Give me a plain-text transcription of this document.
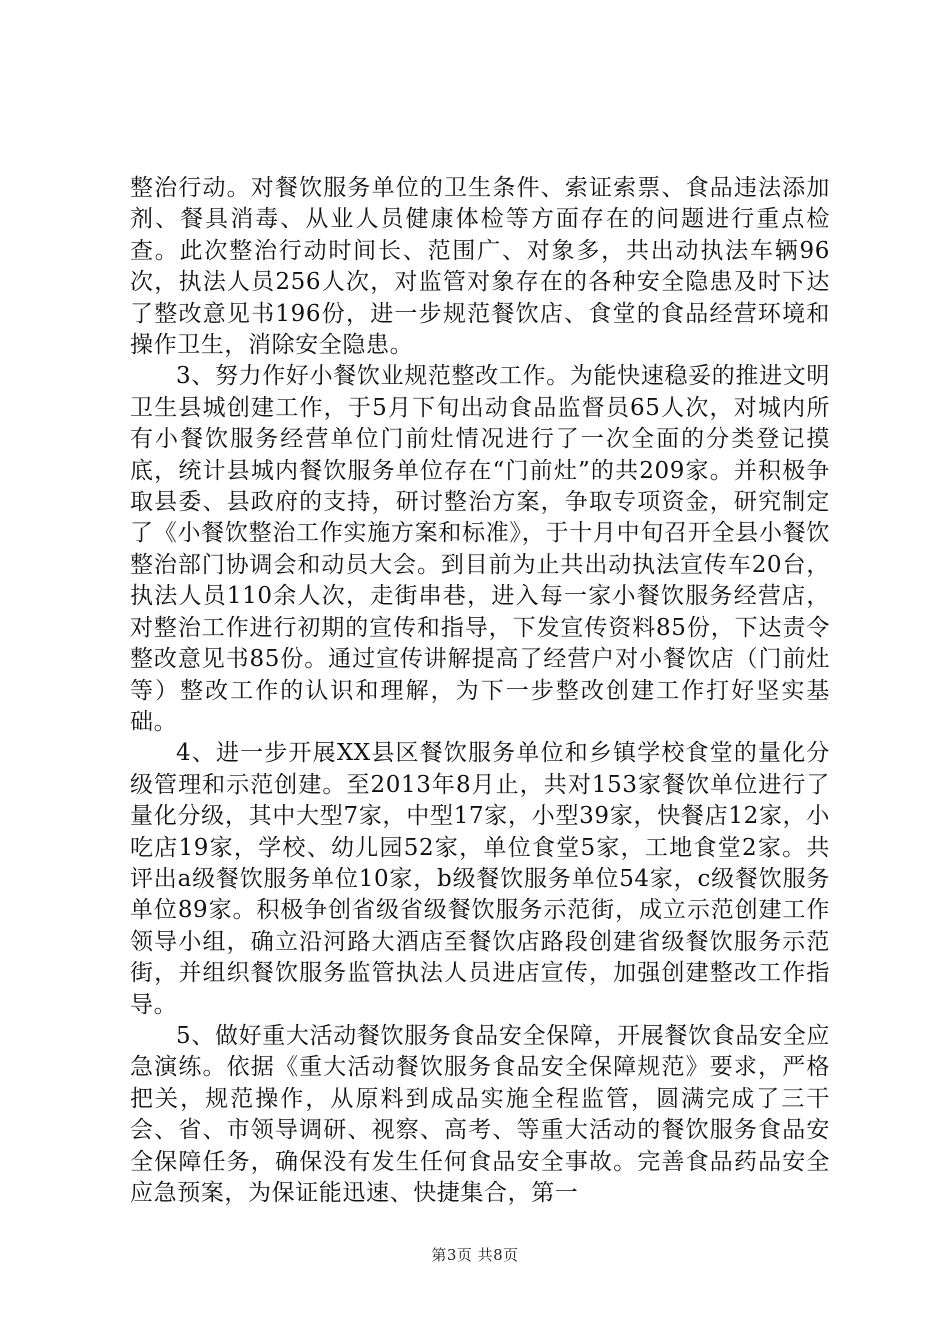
整治行动。对餐饮服务单位的卫生条件、索证索票、食品违法添加剂、餐具消毒、从业人员健康体检等方面存在的问题进行重点检查。此次整治行动时间长、范围广、对象多，共出动执法车辆96次，执法人员256人次，对监管对象存在的各种安全隐患及时下达了整改意见书196份，进一步规范餐饮店、食堂的食品经营环境和操作卫生，消除安全隐患。

3、努力作好小餐饮业规范整改工作。为能快速稳妥的推进文明卫生县城创建工作，于5月下旬出动食品监督员65人次，对城内所有小餐饮服务经营单位门前灶情况进行了一次全面的分类登记摸底，统计县城内餐饮服务单位存在“门前灶”的共209家。并积极争取县委、县政府的支持，研讨整治方案，争取专项资金，研究制定了《小餐饮整治工作实施方案和标准》，于十月中旬召开全县小餐饮整治部门协调会和动员大会。到目前为止共出动执法宣传车20台，执法人员110余人次，走街串巷，进入每一家小餐饮服务经营店，对整治工作进行初期的宣传和指导，下发宣传资料85份，下达责令整改意见书85份。通过宣传讲解提高了经营户对小餐饮店（门前灶等）整改工作的认识和理解，为下一步整改创建工作打好坚实基础。

4、进一步开展XX县区餐饮服务单位和乡镇学校食堂的量化分级管理和示范创建。至2013年8月止，共对153家餐饮单位进行了量化分级，其中大型7家，中型17家，小型39家，快餐店12家，小吃店19家，学校、幼儿园52家，单位食堂5家，工地食堂2家。共评出a级餐饮服务单位10家，b级餐饮服务单位54家，c级餐饮服务单位89家。积极争创省级省级餐饮服务示范街，成立示范创建工作领导小组，确立沿河路大酒店至餐饮店路段创建省级餐饮服务示范街，并组织餐饮服务监管执法人员进店宣传，加强创建整改工作指导。

5、做好重大活动餐饮服务食品安全保障，开展餐饮食品安全应急演练。依据《重大活动餐饮服务食品安全保障规范》要求，严格把关，规范操作，从原料到成品实施全程监管，圆满完成了三干会、省、市领导调研、视察、高考、等重大活动的餐饮服务食品安全保障任务，确保没有发生任何食品安全事故。完善食品药品安全应急预案，为保证能迅速、快捷集合，第一

第3页 共8页
